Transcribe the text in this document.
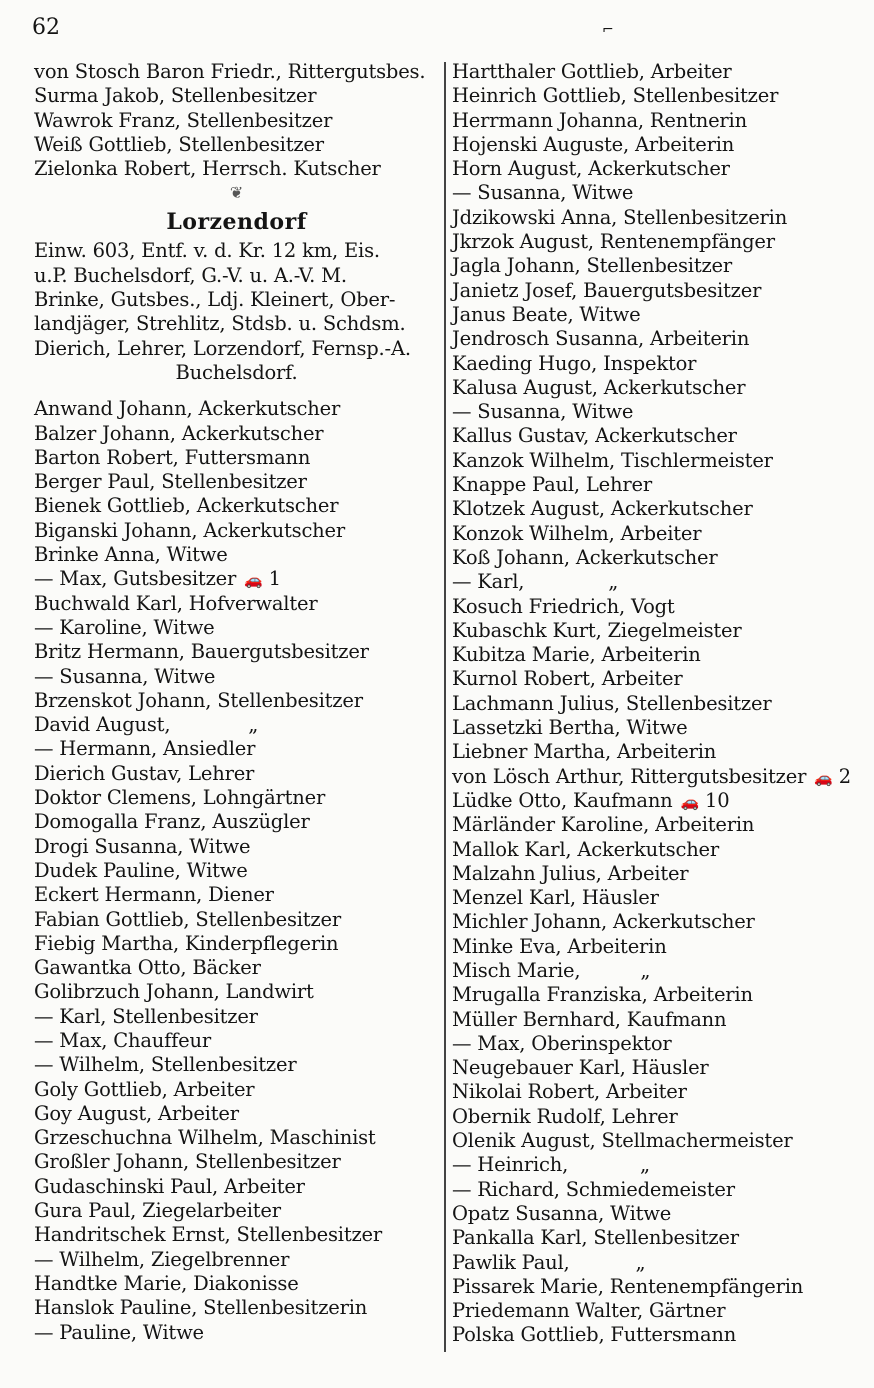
62	⌐
von Stosch Baron Friedr., Rittergutsbes.
Surma Jakob, Stellenbesitzer
Wawrok Franz, Stellenbesitzer
Weiß Gottlieb, Stellenbesitzer
Zielonka Robert, Herrsch. Kutscher
❦
Lorzendorf
Einw. 603, Entf. v. d. Kr. 12 km, Eis.
u.P. Buchelsdorf, G.-V. u. A.-V. M.
Brinke, Gutsbes., Ldj. Kleinert, Ober-
landjäger, Strehlitz, Stdsb. u. Schdsm.
Dierich, Lehrer, Lorzendorf, Fernsp.-A.
Buchelsdorf.
Anwand Johann, Ackerkutscher
Balzer Johann, Ackerkutscher
Barton Robert, Futtersmann
Berger Paul, Stellenbesitzer
Bienek Gottlieb, Ackerkutscher
Biganski Johann, Ackerkutscher
Brinke Anna, Witwe
— Max, Gutsbesitzer 🚗 1
Buchwald Karl, Hofverwalter
— Karoline, Witwe
Britz Hermann, Bauergutsbesitzer
— Susanna, Witwe
Brzenskot Johann, Stellenbesitzer
David August,             „
— Hermann, Ansiedler
Dierich Gustav, Lehrer
Doktor Clemens, Lohngärtner
Domogalla Franz, Auszügler
Drogi Susanna, Witwe
Dudek Pauline, Witwe
Eckert Hermann, Diener
Fabian Gottlieb, Stellenbesitzer
Fiebig Martha, Kinderpflegerin
Gawantka Otto, Bäcker
Golibrzuch Johann, Landwirt
— Karl, Stellenbesitzer
— Max, Chauffeur
— Wilhelm, Stellenbesitzer
Goly Gottlieb, Arbeiter
Goy August, Arbeiter
Grzeschuchna Wilhelm, Maschinist
Großler Johann, Stellenbesitzer
Gudaschinski Paul, Arbeiter
Gura Paul, Ziegelarbeiter
Handritschek Ernst, Stellenbesitzer
— Wilhelm, Ziegelbrenner
Handtke Marie, Diakonisse
Hanslok Pauline, Stellenbesitzerin
— Pauline, Witwe
Hartthaler Gottlieb, Arbeiter
Heinrich Gottlieb, Stellenbesitzer
Herrmann Johanna, Rentnerin
Hojenski Auguste, Arbeiterin
Horn August, Ackerkutscher
— Susanna, Witwe
Jdzikowski Anna, Stellenbesitzerin
Jkrzok August, Rentenempfänger
Jagla Johann, Stellenbesitzer
Janietz Josef, Bauergutsbesitzer
Janus Beate, Witwe
Jendrosch Susanna, Arbeiterin
Kaeding Hugo, Inspektor
Kalusa August, Ackerkutscher
— Susanna, Witwe
Kallus Gustav, Ackerkutscher
Kanzok Wilhelm, Tischlermeister
Knappe Paul, Lehrer
Klotzek August, Ackerkutscher
Konzok Wilhelm, Arbeiter
Koß Johann, Ackerkutscher
— Karl,              „
Kosuch Friedrich, Vogt
Kubaschk Kurt, Ziegelmeister
Kubitza Marie, Arbeiterin
Kurnol Robert, Arbeiter
Lachmann Julius, Stellenbesitzer
Lassetzki Bertha, Witwe
Liebner Martha, Arbeiterin
von Lösch Arthur, Rittergutsbesitzer 🚗 2
Lüdke Otto, Kaufmann 🚗 10
Märländer Karoline, Arbeiterin
Mallok Karl, Ackerkutscher
Malzahn Julius, Arbeiter
Menzel Karl, Häusler
Michler Johann, Ackerkutscher
Minke Eva, Arbeiterin
Misch Marie,          „
Mrugalla Franziska, Arbeiterin
Müller Bernhard, Kaufmann
— Max, Oberinspektor
Neugebauer Karl, Häusler
Nikolai Robert, Arbeiter
Obernik Rudolf, Lehrer
Olenik August, Stellmachermeister
— Heinrich,            „
— Richard, Schmiedemeister
Opatz Susanna, Witwe
Pankalla Karl, Stellenbesitzer
Pawlik Paul,           „
Pissarek Marie, Rentenempfängerin
Priedemann Walter, Gärtner
Polska Gottlieb, Futtersmann
